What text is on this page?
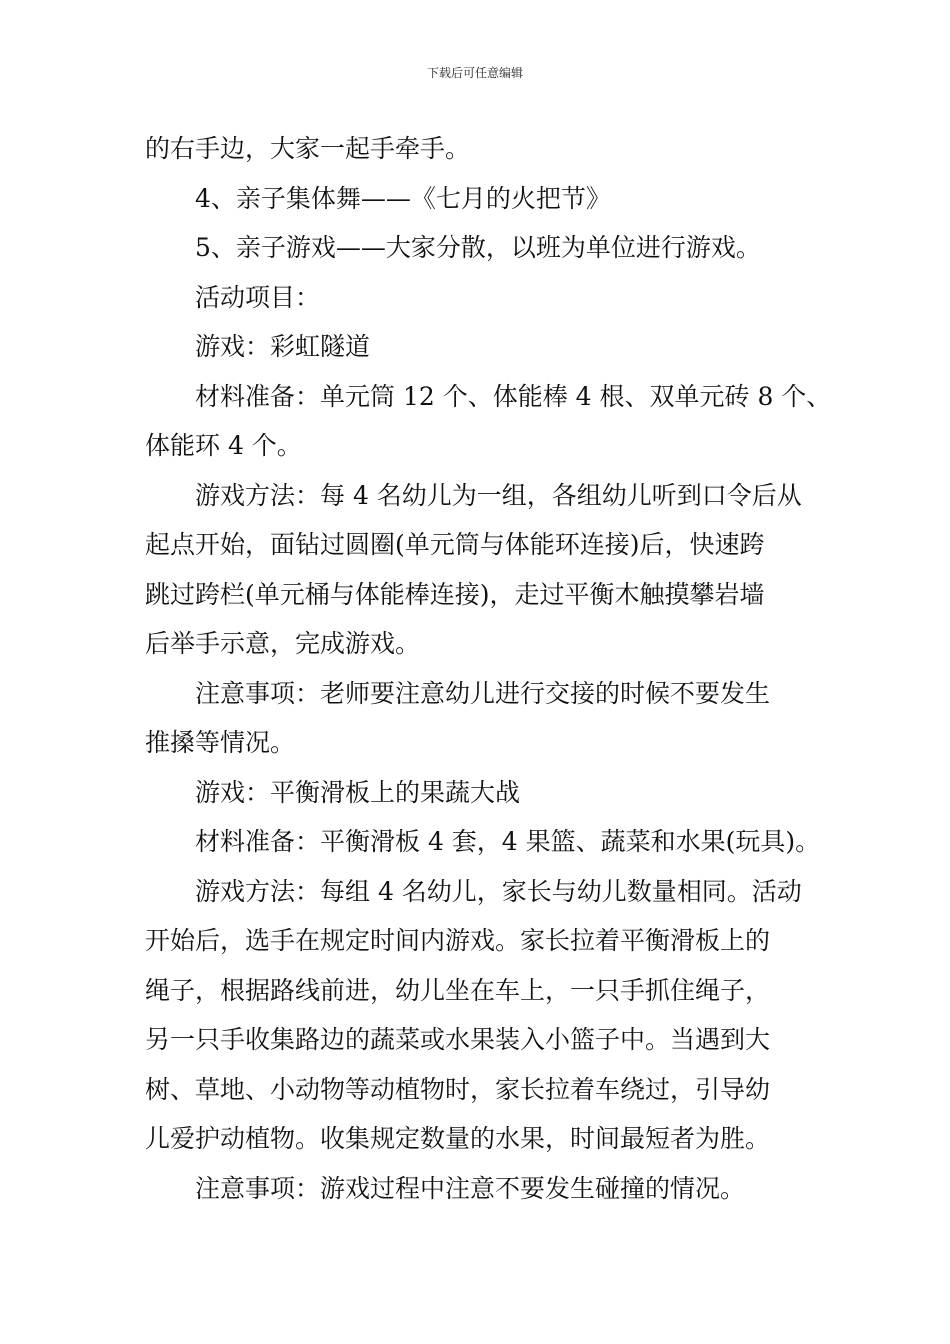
下载后可任意编辑
的右手边，大家一起手牵手。
4、亲子集体舞——《七月的火把节》
5、亲子游戏——大家分散，以班为单位进行游戏。
活动项目：
游戏：彩虹隧道
材料准备：单元筒 12 个、体能棒 4 根、双单元砖 8 个、
体能环 4 个。
游戏方法：每 4 名幼儿为一组，各组幼儿听到口令后从
起点开始，面钻过圆圈(单元筒与体能环连接)后，快速跨
跳过跨栏(单元桶与体能棒连接)，走过平衡木触摸攀岩墙
后举手示意，完成游戏。
注意事项：老师要注意幼儿进行交接的时候不要发生
推搡等情况。
游戏：平衡滑板上的果蔬大战
材料准备：平衡滑板 4 套，4 果篮、蔬菜和水果(玩具)。
游戏方法：每组 4 名幼儿，家长与幼儿数量相同。活动
开始后，选手在规定时间内游戏。家长拉着平衡滑板上的
绳子，根据路线前进，幼儿坐在车上，一只手抓住绳子，
另一只手收集路边的蔬菜或水果装入小篮子中。当遇到大
树、草地、小动物等动植物时，家长拉着车绕过，引导幼
儿爱护动植物。收集规定数量的水果，时间最短者为胜。
注意事项：游戏过程中注意不要发生碰撞的情况。
